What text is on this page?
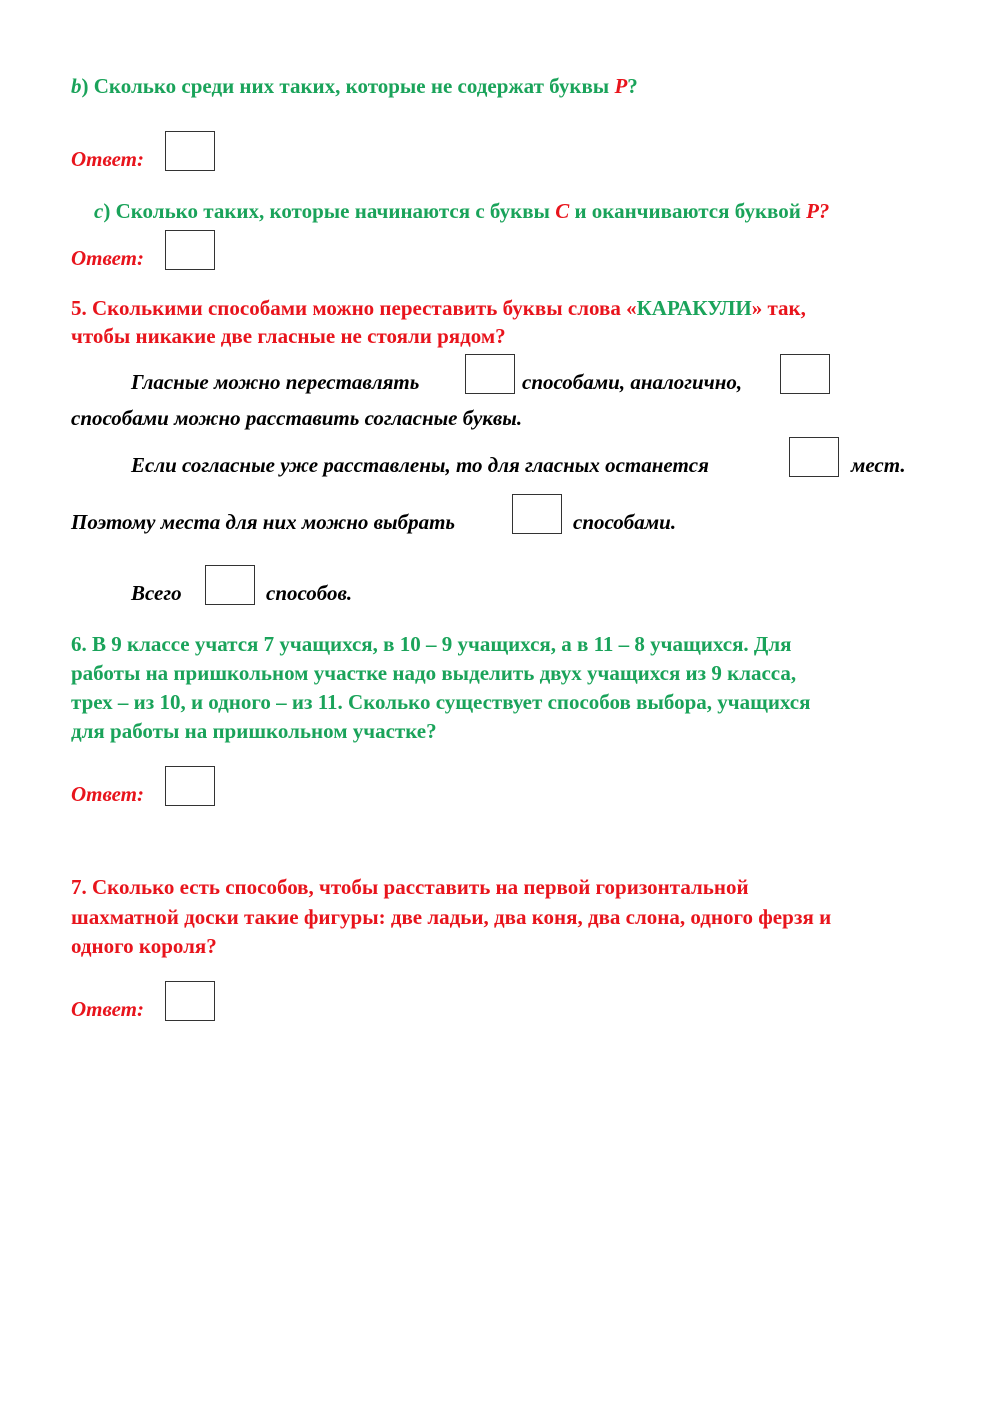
b) Сколько среди них таких, которые не содержат буквы P?
Ответ:
c) Сколько таких, которые начинаются с буквы C и оканчиваются буквой P?
Ответ:
5. Сколькими способами можно переставить буквы слова «КАРАКУЛИ» так,
чтобы никакие две гласные не стояли рядом?
Гласные можно переставлять	способами, аналогично,
способами можно расставить согласные буквы.
Если согласные уже расставлены, то для гласных останется	мест.
Поэтому места для них можно выбрать	способами.
Всего	способов.
6. В 9 классе учатся 7 учащихся, в 10 – 9 учащихся, а в 11 – 8 учащихся. Для
работы на пришкольном участке надо выделить двух учащихся из 9 класса,
трех – из 10, и одного – из 11. Сколько существует способов выбора, учащихся
для работы на пришкольном участке?
Ответ:
7. Сколько есть способов, чтобы расставить на первой горизонтальной
шахматной доски такие фигуры: две ладьи, два коня, два слона, одного ферзя и
одного короля?
Ответ:
